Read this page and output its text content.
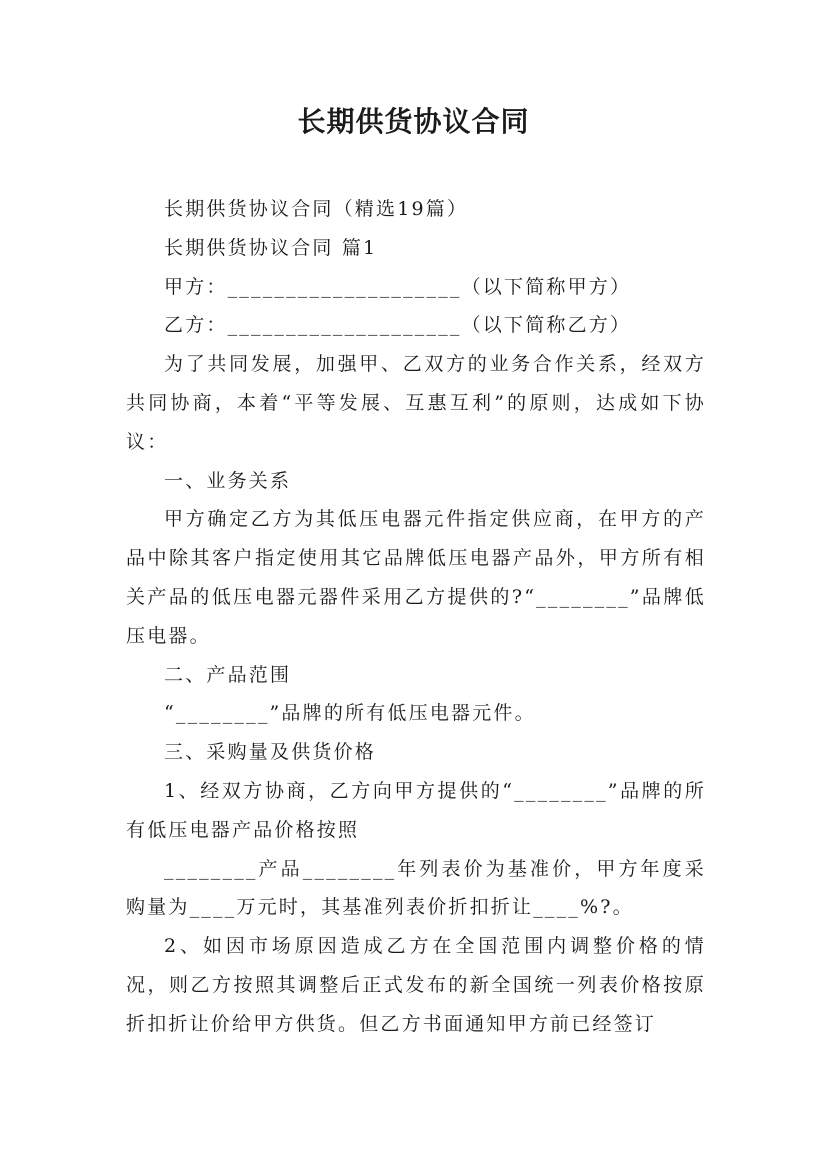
长期供货协议合同

长期供货协议合同（精选19篇）

长期供货协议合同 篇1

甲方：____________________（以下简称甲方）

乙方：____________________（以下简称乙方）

为了共同发展，加强甲、乙双方的业务合作关系，经双方共同协商，本着“平等发展、互惠互利”的原则，达成如下协议：

一、业务关系

甲方确定乙方为其低压电器元件指定供应商，在甲方的产品中除其客户指定使用其它品牌低压电器产品外，甲方所有相关产品的低压电器元器件采用乙方提供的?“________”品牌低压电器。

二、产品范围

“________”品牌的所有低压电器元件。

三、采购量及供货价格

1、经双方协商，乙方向甲方提供的“________”品牌的所有低压电器产品价格按照

________产品________年列表价为基准价，甲方年度采购量为____万元时，其基准列表价折扣折让____%?。

2、如因市场原因造成乙方在全国范围内调整价格的情况，则乙方按照其调整后正式发布的新全国统一列表价格按原折扣折让价给甲方供货。但乙方书面通知甲方前已经签订
